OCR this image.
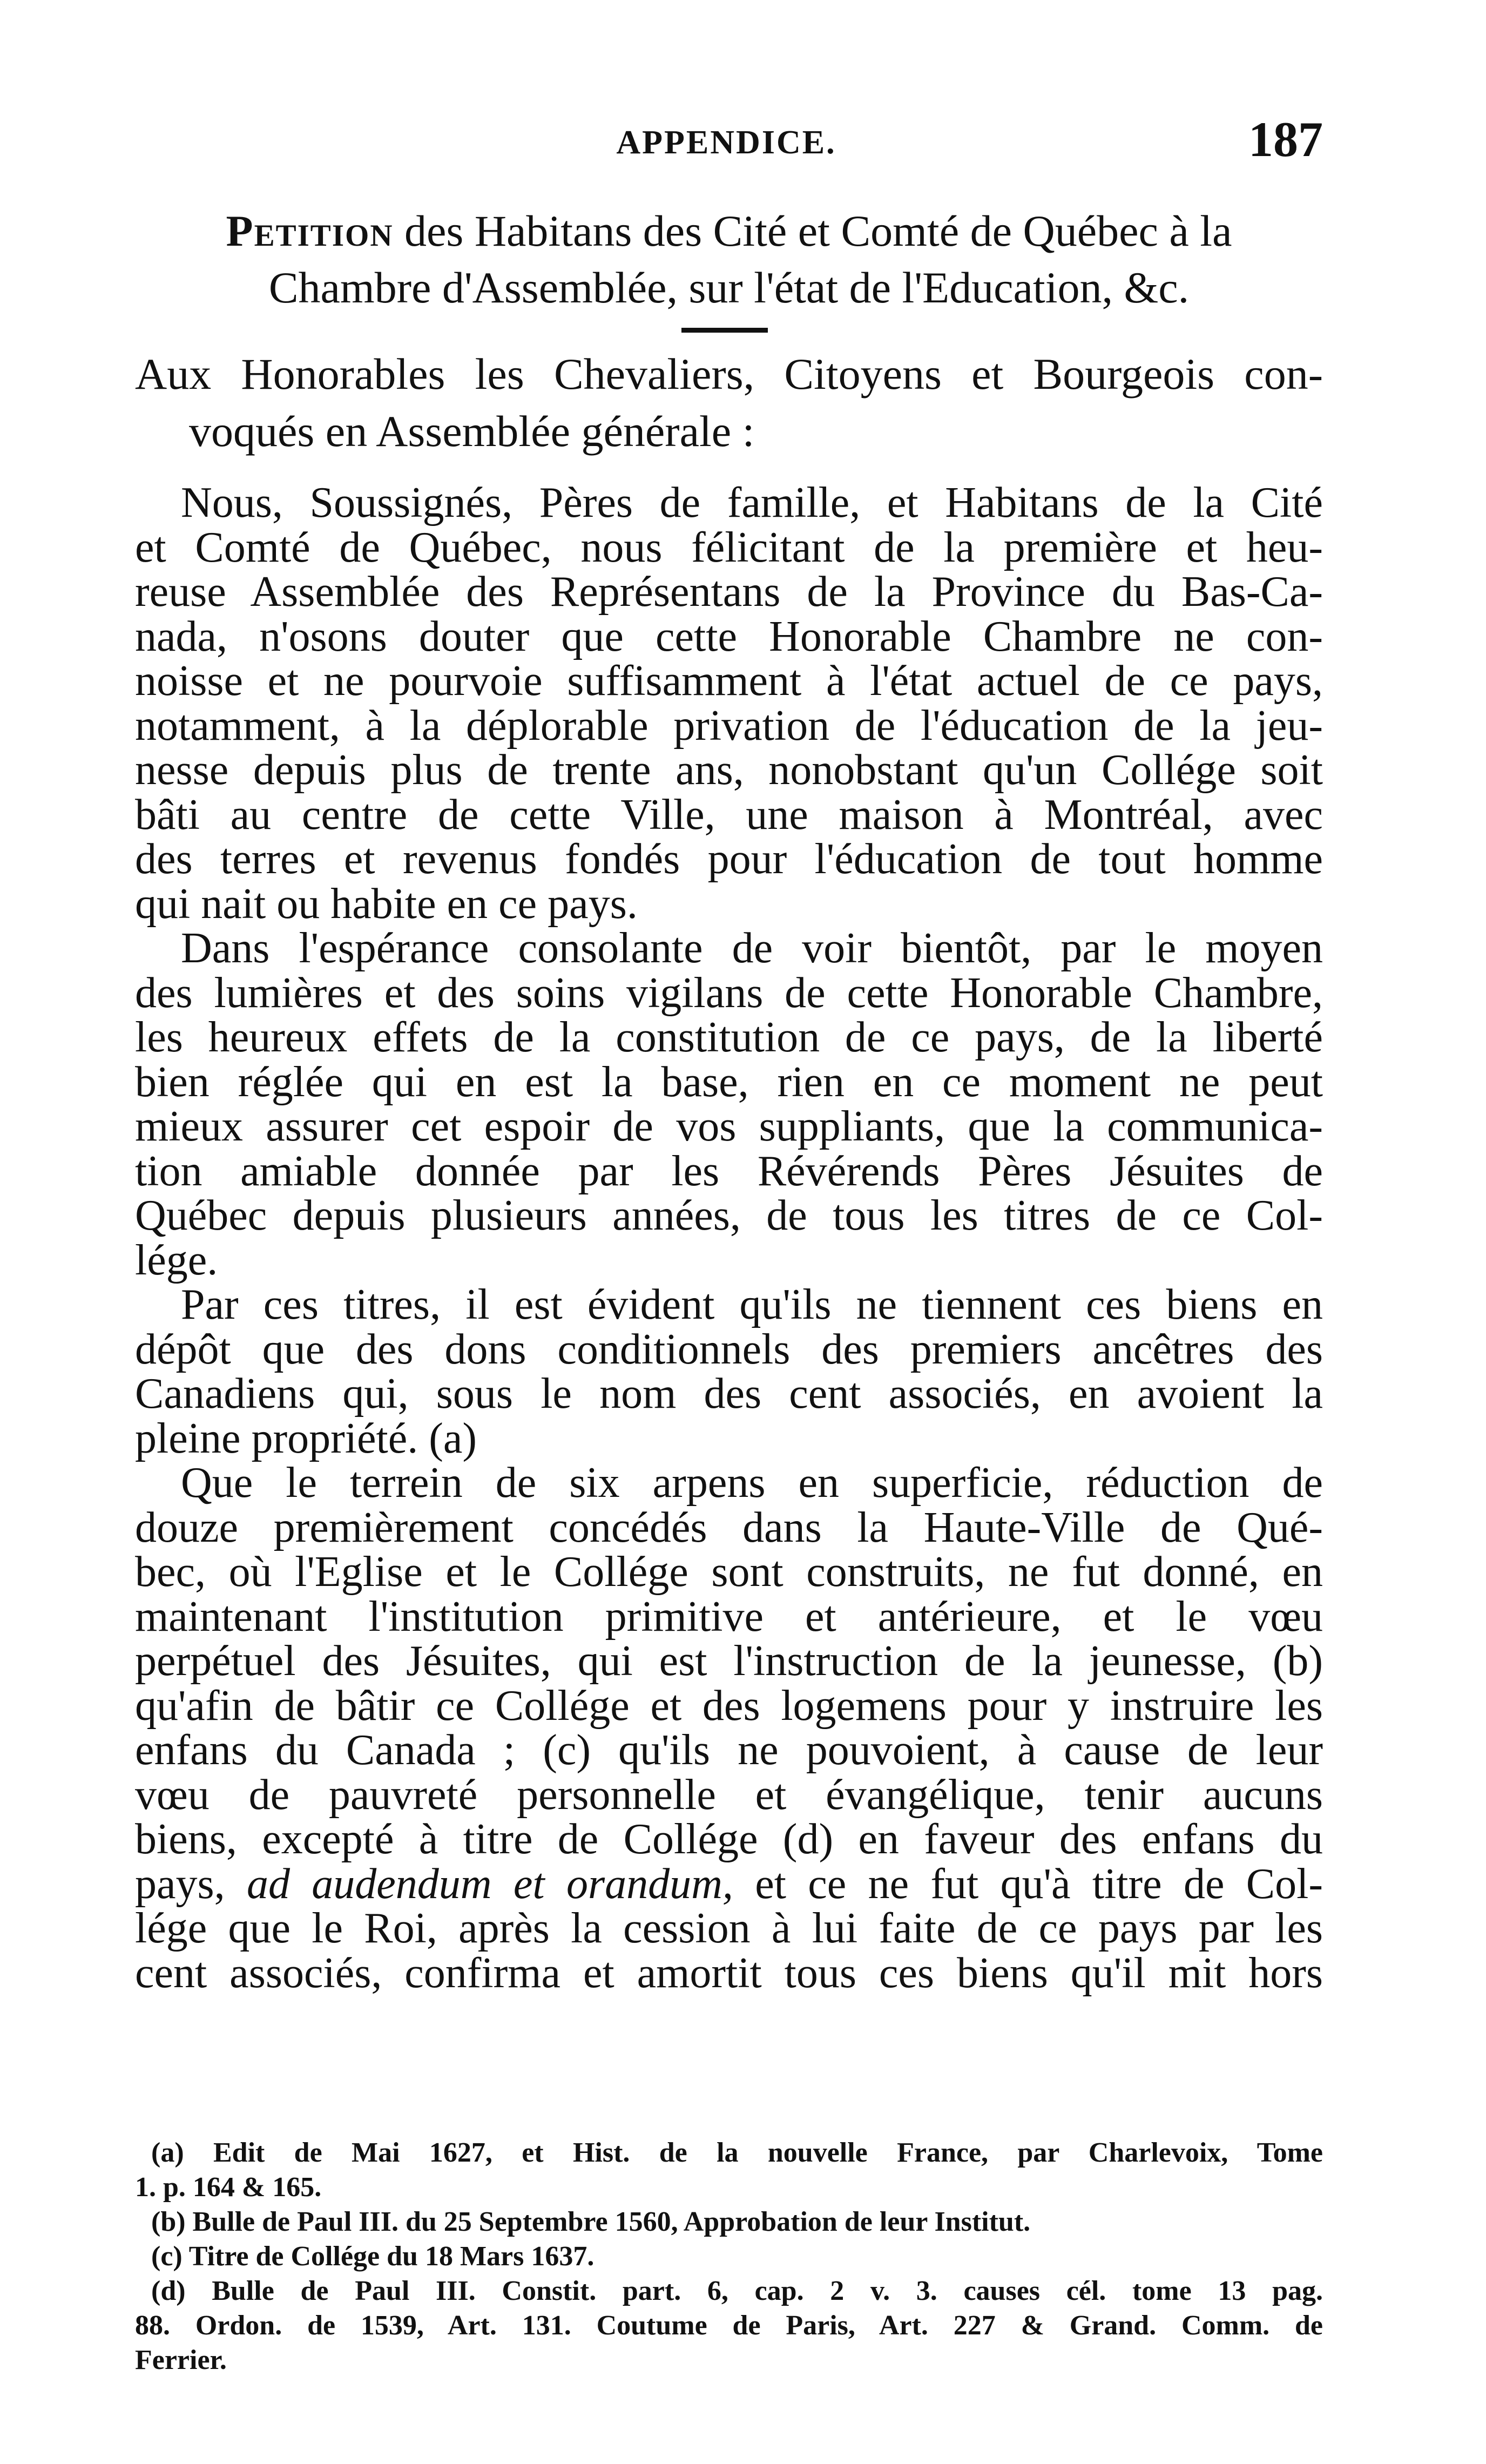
APPENDICE.	187
Petition des Habitans des Cité et Comté de Québec à la
Chambre d'Assemblée, sur l'état de l'Education, &c.
Aux Honorables les Chevaliers, Citoyens et Bourgeois con-
voqués en Assemblée générale :
Nous, Soussignés, Pères de famille, et Habitans de la Cité
et Comté de Québec, nous félicitant de la première et heu-
reuse Assemblée des Représentans de la Province du Bas-Ca-
nada, n'osons douter que cette Honorable Chambre ne con-
noisse et ne pourvoie suffisamment à l'état actuel de ce pays,
notamment, à la déplorable privation de l'éducation de la jeu-
nesse depuis plus de trente ans, nonobstant qu'un Collége soit
bâti au centre de cette Ville, une maison à Montréal, avec
des terres et revenus fondés pour l'éducation de tout homme
qui nait ou habite en ce pays.
Dans l'espérance consolante de voir bientôt, par le moyen
des lumières et des soins vigilans de cette Honorable Chambre,
les heureux effets de la constitution de ce pays, de la liberté
bien réglée qui en est la base, rien en ce moment ne peut
mieux assurer cet espoir de vos suppliants, que la communica-
tion amiable donnée par les Révérends Pères Jésuites de
Québec depuis plusieurs années, de tous les titres de ce Col-
lége.
Par ces titres, il est évident qu'ils ne tiennent ces biens en
dépôt que des dons conditionnels des premiers ancêtres des
Canadiens qui, sous le nom des cent associés, en avoient la
pleine propriété. (a)
Que le terrein de six arpens en superficie, réduction de
douze premièrement concédés dans la Haute-Ville de Qué-
bec, où l'Eglise et le Collége sont construits, ne fut donné, en
maintenant l'institution primitive et antérieure, et le vœu
perpétuel des Jésuites, qui est l'instruction de la jeunesse, (b)
qu'afin de bâtir ce Collége et des logemens pour y instruire les
enfans du Canada ; (c) qu'ils ne pouvoient, à cause de leur
vœu de pauvreté personnelle et évangélique, tenir aucuns
biens, excepté à titre de Collége (d) en faveur des enfans du
pays, ad audendum et orandum, et ce ne fut qu'à titre de Col-
lége que le Roi, après la cession à lui faite de ce pays par les
cent associés, confirma et amortit tous ces biens qu'il mit hors
(a) Edit de Mai 1627, et Hist. de la nouvelle France, par Charlevoix, Tome
1. p. 164 & 165.
(b) Bulle de Paul III. du 25 Septembre 1560, Approbation de leur Institut.
(c) Titre de Collége du 18 Mars 1637.
(d) Bulle de Paul III. Constit. part. 6, cap. 2 v. 3. causes cél. tome 13 pag.
88. Ordon. de 1539, Art. 131. Coutume de Paris, Art. 227 & Grand. Comm. de
Ferrier.
